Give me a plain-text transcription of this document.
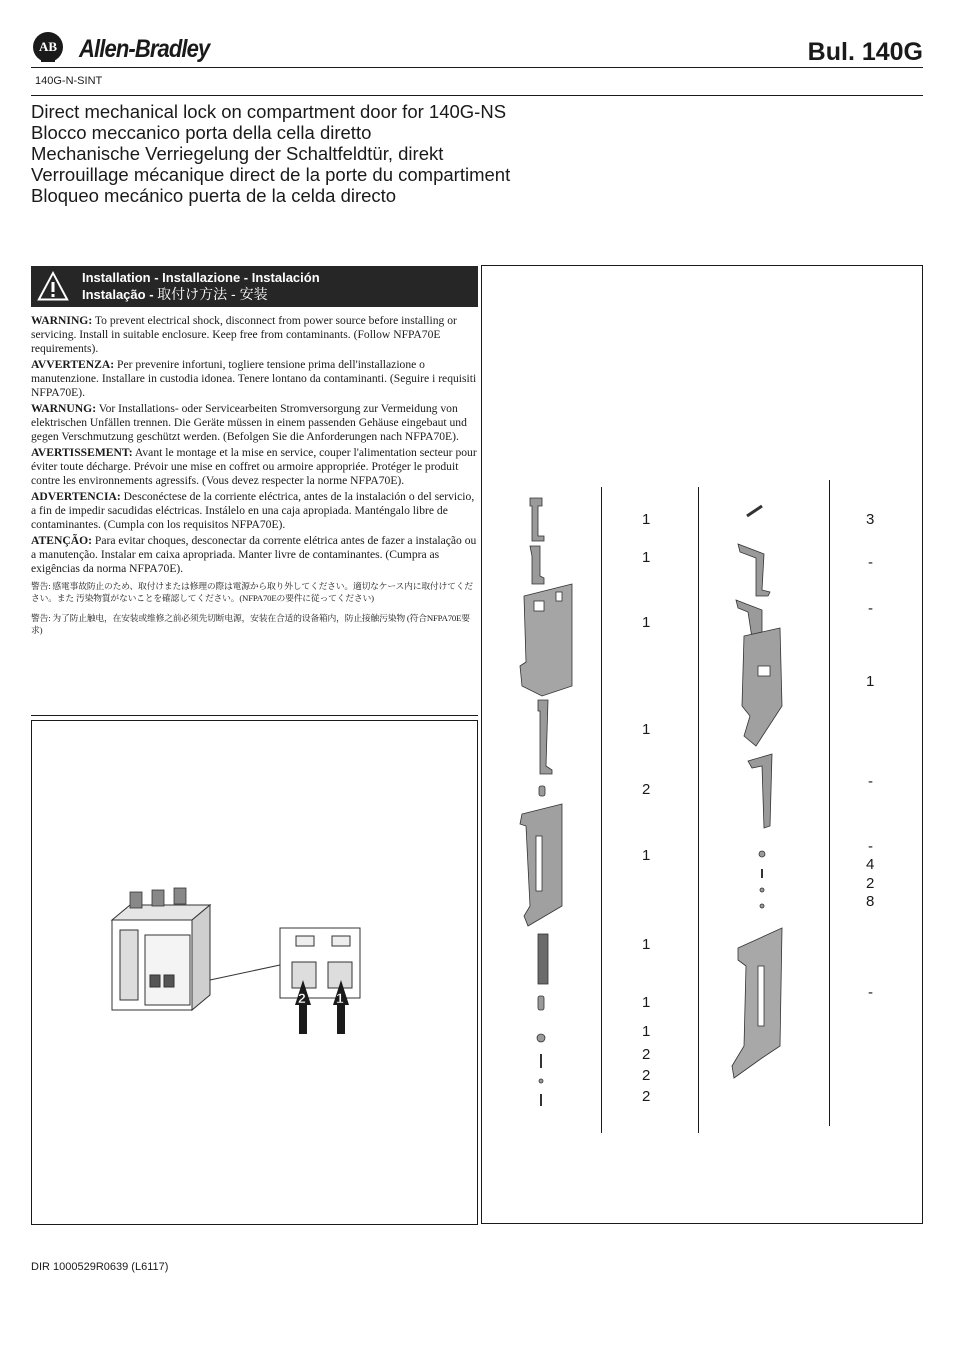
AB Allen-Bradley	Bul. 140G
140G-N-SINT
Direct mechanical lock on compartment door for 140G-NS
Blocco meccanico porta della cella diretto
Mechanische Verriegelung der Schaltfeldtür, direkt
Verrouillage mécanique direct de la porte du compartiment
Bloqueo mecánico puerta de la celda directo
Installation - Installazione - Instalación
Instalação - 取付け方法 - 安装

WARNING: To prevent electrical shock, disconnect from power source before installing or servicing. Install in suitable enclosure. Keep free from contaminants. (Follow NFPA70E requirements).

AVVERTENZA: Per prevenire infortuni, togliere tensione prima dell'installazione o manutenzione. Installare in custodia idonea. Tenere lontano da contaminanti. (Seguire i requisiti NFPA70E).

WARNUNG: Vor Installations- oder Servicearbeiten Stromversorgung zur Vermeidung von elektrischen Unfällen trennen. Die Geräte müssen in einem passenden Gehäuse eingebaut und gegen Verschmutzung geschützt werden. (Befolgen Sie die Anforderungen nach NFPA70E).

AVERTISSEMENT: Avant le montage et la mise en service, couper l'alimentation secteur pour éviter toute décharge. Prévoir une mise en coffret ou armoire appropriée. Protéger le produit contre les environnements agressifs. (Vous devez respecter la norme NFPA70E).

ADVERTENCIA: Desconéctese de la corriente eléctrica, antes de la instalación o del servicio, a fin de impedir sacudidas eléctricas. Instálelo en una caja apropiada. Manténgalo libre de contaminantes. (Cumpla con los requisitos NFPA70E).

ATENÇÃO: Para evitar choques, desconectar da corrente elétrica antes de fazer a instalação ou a manutenção. Instalar em caixa apropriada. Manter livre de contaminantes. (Cumpra as exigências da norma NFPA70E).

警告: 感電事故防止のため、取付けまたは修理の際は電源から取り外してください。適切なケース内に取付けてください。また 汚染物質がないことを確認してください。(NFPA70Eの要件に従ってください)

警告: 为了防止触电，在安装或维修之前必须先切断电源，安装在合适的设备箱内，防止接触污染物 (符合NFPA70E要求)

2 1
1
1
1
1
2
1
1
1
1
2
2
2
3
-
-
1
-
-
4
2
8
-
DIR 1000529R0639 (L6117)
